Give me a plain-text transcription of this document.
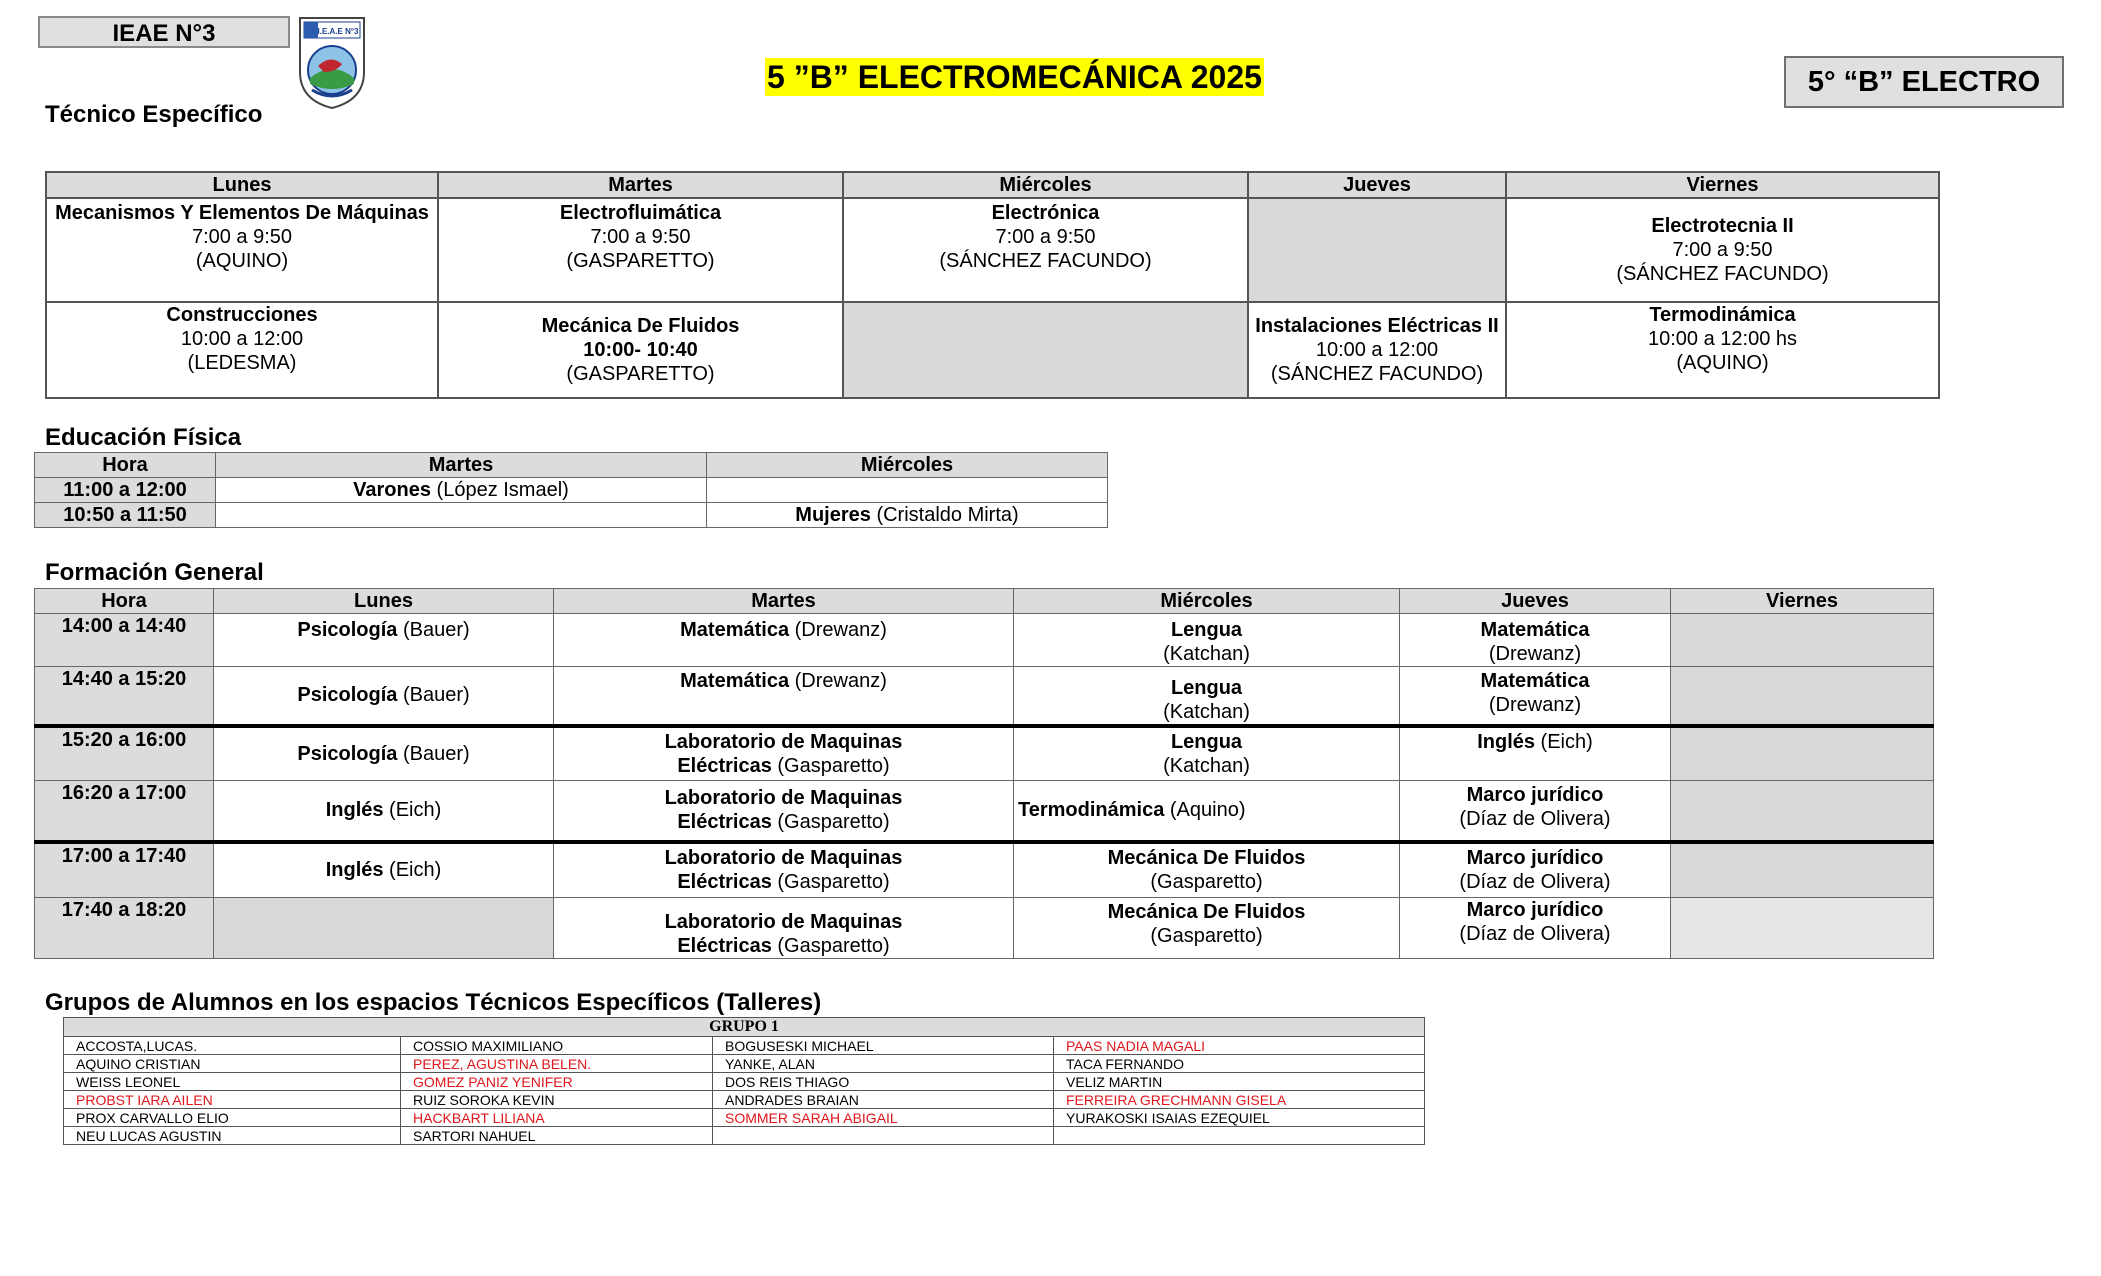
IEAE N°3	I.E.A.E N°3
5 ”B” ELECTROMECÁNICA 2025	5° “B” ELECTRO
Técnico Específico
Lunes	Martes	Miércoles	Jueves	Viernes

Mecanismos Y Elementos De Máquinas
7:00 a 9:50
(AQUINO)	Electrofluimática
7:00 a 9:50
(GASPARETTO)	Electrónica
7:00 a 9:50
(SÁNCHEZ FACUNDO)		Electrotecnia II
7:00 a 9:50
(SÁNCHEZ FACUNDO)

Construcciones
10:00 a 12:00
(LEDESMA)	Mecánica De Fluidos
10:00- 10:40
(GASPARETTO)		Instalaciones Eléctricas II
10:00 a 12:00
(SÁNCHEZ FACUNDO)	Termodinámica
10:00 a 12:00 hs
(AQUINO)
Educación Física
Hora	Martes	Miércoles
11:00 a 12:00	Varones (López Ismael)	
10:50 a 11:50		Mujeres (Cristaldo Mirta)
Formación General
Hora	Lunes	Martes	Miércoles	Jueves	Viernes
14:00 a 14:40	Psicología (Bauer)	Matemática (Drewanz)	Lengua
(Katchan)	Matemática
(Drewanz)	

14:40 a 15:20	Psicología (Bauer)	Matemática (Drewanz)	Lengua
(Katchan)	Matemática
(Drewanz)	

15:20 a 16:00	Psicología (Bauer)	Laboratorio de Maquinas
Eléctricas (Gasparetto)	Lengua
(Katchan)	Inglés (Eich)	
16:20 a 17:00	Inglés (Eich)	Laboratorio de Maquinas
Eléctricas (Gasparetto)	Termodinámica (Aquino)	Marco jurídico
(Díaz de Olivera)	

17:00 a 17:40	Inglés (Eich)	Laboratorio de Maquinas
Eléctricas (Gasparetto)	Mecánica De Fluidos
(Gasparetto)	Marco jurídico
(Díaz de Olivera)	

17:40 a 18:20		Laboratorio de Maquinas
Eléctricas (Gasparetto)	Mecánica De Fluidos
(Gasparetto)	Marco jurídico
(Díaz de Olivera)	

Grupos de Alumnos en los espacios Técnicos Específicos (Talleres)
GRUPO 1			
ACCOSTA,LUCAS.	COSSIO MAXIMILIANO	BOGUSESKI MICHAEL	PAAS NADIA MAGALI
AQUINO CRISTIAN	PEREZ, AGUSTINA BELEN.	YANKE, ALAN	TACA FERNANDO
WEISS LEONEL	GOMEZ PANIZ YENIFER	DOS REIS THIAGO	VELIZ MARTIN
PROBST IARA AILEN	RUIZ SOROKA KEVIN	ANDRADES BRAIAN	FERREIRA GRECHMANN GISELA
PROX CARVALLO ELIO	HACKBART LILIANA	SOMMER SARAH ABIGAIL	YURAKOSKI ISAIAS EZEQUIEL
NEU LUCAS AGUSTIN	SARTORI NAHUEL		
